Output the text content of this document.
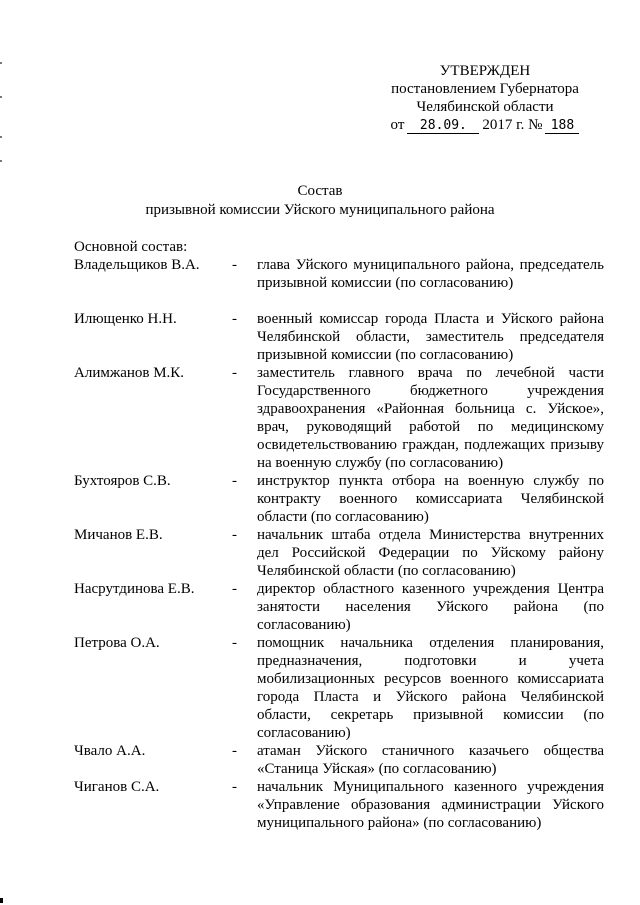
УТВЕРЖДЕН
постановлением Губернатора
Челябинской области
от	28.09.	2017 г. № 188
Состав
призывной комиссии Уйского муниципального района
Основной состав:
Владельщиков В.А.	-	глава Уйского муниципального района, председатель призывной комиссии (по согласованию)
Илющенко Н.Н.	-	военный комиссар города Пласта и Уйского района Челябинской области, заместитель председателя призывной комиссии (по согласованию)
Алимжанов М.К.	-	заместитель главного врача по лечебной части Государственного бюджетного учреждения здравоохранения «Районная больница с. Уйское», врач, руководящий работой по медицинскому освидетельствованию граждан, подлежащих призыву на военную службу (по согласованию)
Бухтояров С.В.	-	инструктор пункта отбора на военную службу по контракту военного комиссариата Челябинской области (по согласованию)
Мичанов Е.В.	-	начальник штаба отдела Министерства внутренних дел Российской Федерации по Уйскому району Челябинской области (по согласованию)
Насрутдинова Е.В.	-	директор областного казенного учреждения Центра занятости населения Уйского района (по согласованию)
Петрова О.А.	-	помощник начальника отделения планирования, предназначения, подготовки и учета мобилизационных ресурсов военного комиссариата города Пласта и Уйского района Челябинской области, секретарь призывной комиссии (по согласованию)
Чвало А.А.	-	атаман Уйского станичного казачьего общества «Станица Уйская» (по согласованию)
Чиганов С.А.	-	начальник Муниципального казенного учреждения «Управление образования администрации Уйского муниципального района» (по согласованию)
